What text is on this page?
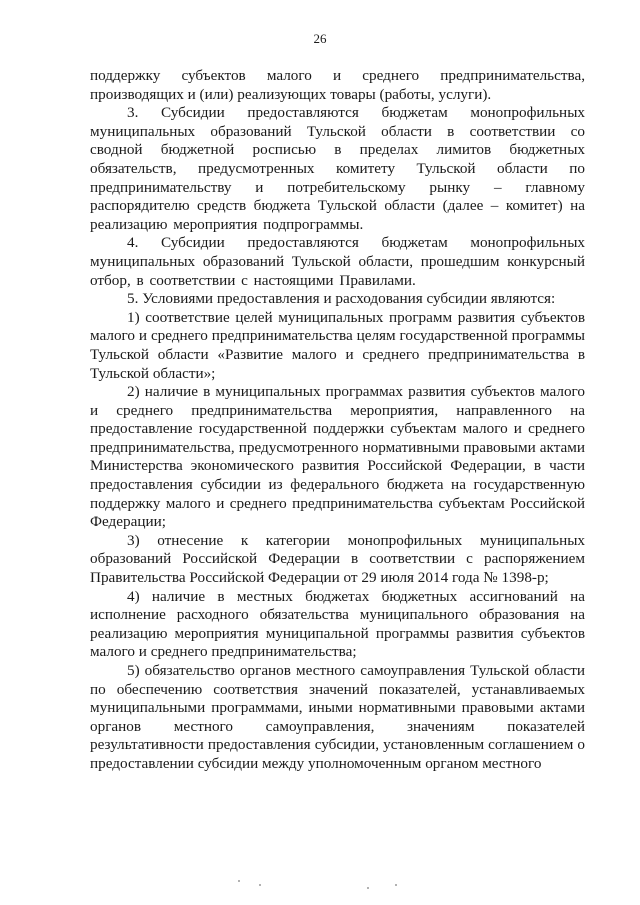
26

поддержку субъектов малого и среднего предпринимательства, производящих и (или) реализующих товары (работы, услуги).

3. Субсидии предоставляются бюджетам монопрофильных муниципальных образований Тульской области в соответствии со сводной бюджетной росписью в пределах лимитов бюджетных обязательств, предусмотренных комитету Тульской области по предпринимательству и потребительскому рынку – главному распорядителю средств бюджета Тульской области (далее – комитет) на реализацию мероприятия подпрограммы.

4. Субсидии предоставляются бюджетам монопрофильных муниципальных образований Тульской области, прошедшим конкурсный отбор, в соответствии с настоящими Правилами.

5. Условиями предоставления и расходования субсидии являются:

1) соответствие целей муниципальных программ развития субъектов малого и среднего предпринимательства целям государственной программы Тульской области «Развитие малого и среднего предпринимательства в Тульской области»;

2) наличие в муниципальных программах развития субъектов малого и среднего предпринимательства мероприятия, направленного на предоставление государственной поддержки субъектам малого и среднего предпринимательства, предусмотренного нормативными правовыми актами Министерства экономического развития Российской Федерации, в части предоставления субсидии из федерального бюджета на государственную поддержку малого и среднего предпринимательства субъектам Российской Федерации;

3) отнесение к категории монопрофильных муниципальных образований Российской Федерации в соответствии с распоряжением Правительства Российской Федерации от 29 июля 2014 года № 1398-р;

4) наличие в местных бюджетах бюджетных ассигнований на исполнение расходного обязательства муниципального образования на реализацию мероприятия муниципальной программы развития субъектов малого и среднего предпринимательства;

5) обязательство органов местного самоуправления Тульской области по обеспечению соответствия значений показателей, устанавливаемых муниципальными программами, иными нормативными правовыми актами органов местного самоуправления, значениям показателей результативности предоставления субсидии, установленным соглашением о предоставлении субсидии между уполномоченным органом местного
